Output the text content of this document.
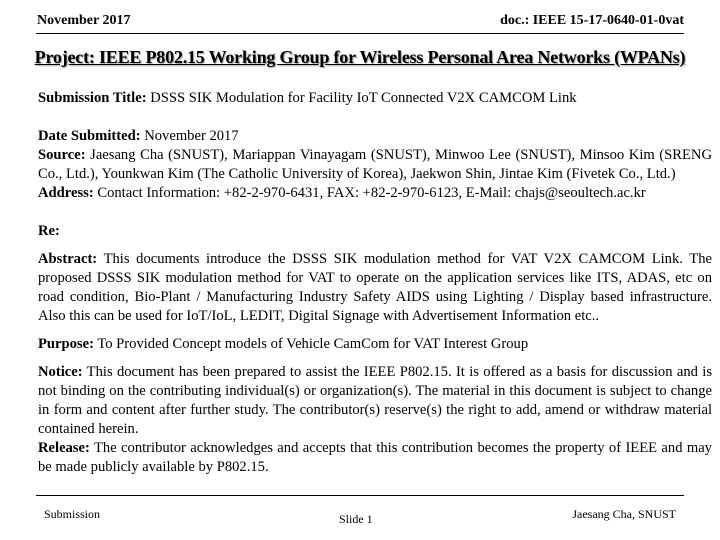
November 2017	doc.: IEEE 15-17-0640-01-0vat
Project: IEEE P802.15 Working Group for Wireless Personal Area Networks (WPANs)

Submission Title: DSSS SIK Modulation for Facility IoT Connected V2X CAMCOM Link

Date Submitted: November 2017

Source: Jaesang Cha (SNUST), Mariappan Vinayagam (SNUST), Minwoo Lee (SNUST), Minsoo Kim (SRENG Co., Ltd.), Younkwan Kim (The Catholic University of Korea), Jaekwon Shin, Jintae Kim (Fivetek Co., Ltd.)

Address: Contact Information: +82-2-970-6431, FAX: +82-2-970-6123, E-Mail: chajs@seoultech.ac.kr

Re:

Abstract: This documents introduce the DSSS SIK modulation method for VAT V2X CAMCOM Link. The proposed DSSS SIK modulation method for VAT to operate on the application services like ITS, ADAS, etc on road condition, Bio-Plant / Manufacturing Industry Safety AIDS using Lighting / Display based infrastructure. Also this can be used for IoT/IoL, LEDIT, Digital Signage with Advertisement Information etc..

Purpose: To Provided Concept models of Vehicle CamCom for VAT Interest Group

Notice: This document has been prepared to assist the IEEE P802.15. It is offered as a basis for discussion and is not binding on the contributing individual(s) or organization(s). The material in this document is subject to change in form and content after further study. The contributor(s) reserve(s) the right to add, amend or withdraw material contained herein.

Release: The contributor acknowledges and accepts that this contribution becomes the property of IEEE and may be made publicly available by P802.15.

Submission	Slide 1	Jaesang Cha, SNUST
